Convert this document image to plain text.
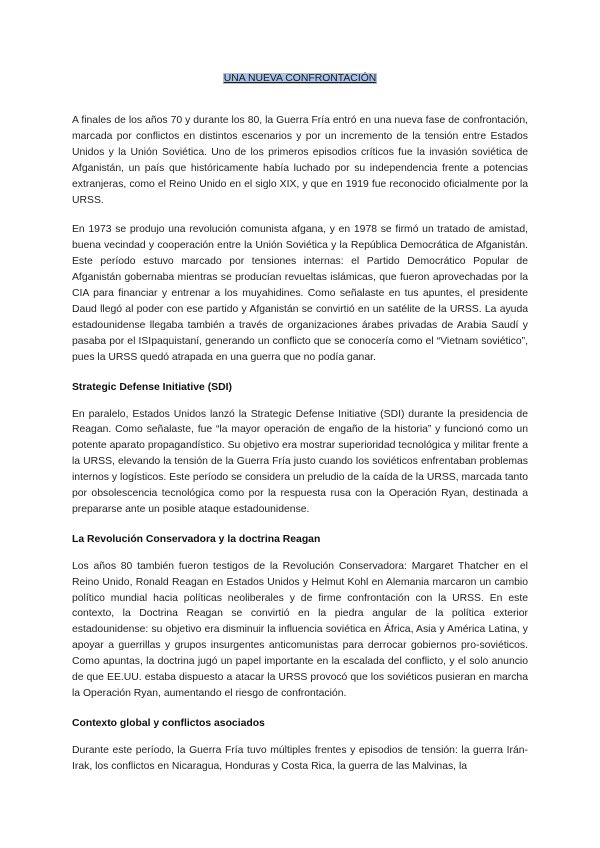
UNA NUEVA CONFRONTACIÓN

A finales de los años 70 y durante los 80, la Guerra Fría entró en una nueva fase de confrontación, marcada por conflictos en distintos escenarios y por un incremento de la tensión entre Estados Unidos y la Unión Soviética. Uno de los primeros episodios críticos fue la invasión soviética de Afganistán, un país que históricamente había luchado por su independencia frente a potencias extranjeras, como el Reino Unido en el siglo XIX, y que en 1919 fue reconocido oficialmente por la URSS.

En 1973 se produjo una revolución comunista afgana, y en 1978 se firmó un tratado de amistad, buena vecindad y cooperación entre la Unión Soviética y la República Democrática de Afganistán. Este período estuvo marcado por tensiones internas: el Partido Democrático Popular de Afganistán gobernaba mientras se producían revueltas islámicas, que fueron aprovechadas por la CIA para financiar y entrenar a los muyahidines. Como señalaste en tus apuntes, el presidente Daud llegó al poder con ese partido y Afganistán se convirtió en un satélite de la URSS. La ayuda estadounidense llegaba también a través de organizaciones árabes privadas de Arabia Saudí y pasaba por el ISIpaquistaní, generando un conflicto que se conocería como el “Vietnam soviético”, pues la URSS quedó atrapada en una guerra que no podía ganar.

Strategic Defense Initiative (SDI)

En paralelo, Estados Unidos lanzó la Strategic Defense Initiative (SDI) durante la presidencia de Reagan. Como señalaste, fue “la mayor operación de engaño de la historia” y funcionó como un potente aparato propagandístico. Su objetivo era mostrar superioridad tecnológica y militar frente a la URSS, elevando la tensión de la Guerra Fría justo cuando los soviéticos enfrentaban problemas internos y logísticos. Este período se considera un preludio de la caída de la URSS, marcada tanto por obsolescencia tecnológica como por la respuesta rusa con la Operación Ryan, destinada a prepararse ante un posible ataque estadounidense.

La Revolución Conservadora y la doctrina Reagan

Los años 80 también fueron testigos de la Revolución Conservadora: Margaret Thatcher en el Reino Unido, Ronald Reagan en Estados Unidos y Helmut Kohl en Alemania marcaron un cambio político mundial hacia políticas neoliberales y de firme confrontación con la URSS. En este contexto, la Doctrina Reagan se convirtió en la piedra angular de la política exterior estadounidense: su objetivo era disminuir la influencia soviética en África, Asia y América Latina, y apoyar a guerrillas y grupos insurgentes anticomunistas para derrocar gobiernos pro-soviéticos. Como apuntas, la doctrina jugó un papel importante en la escalada del conflicto, y el solo anuncio de que EE.UU. estaba dispuesto a atacar la URSS provocó que los soviéticos pusieran en marcha la Operación Ryan, aumentando el riesgo de confrontación.

Contexto global y conflictos asociados

Durante este período, la Guerra Fría tuvo múltiples frentes y episodios de tensión: la guerra Irán-Irak, los conflictos en Nicaragua, Honduras y Costa Rica, la guerra de las Malvinas, la
